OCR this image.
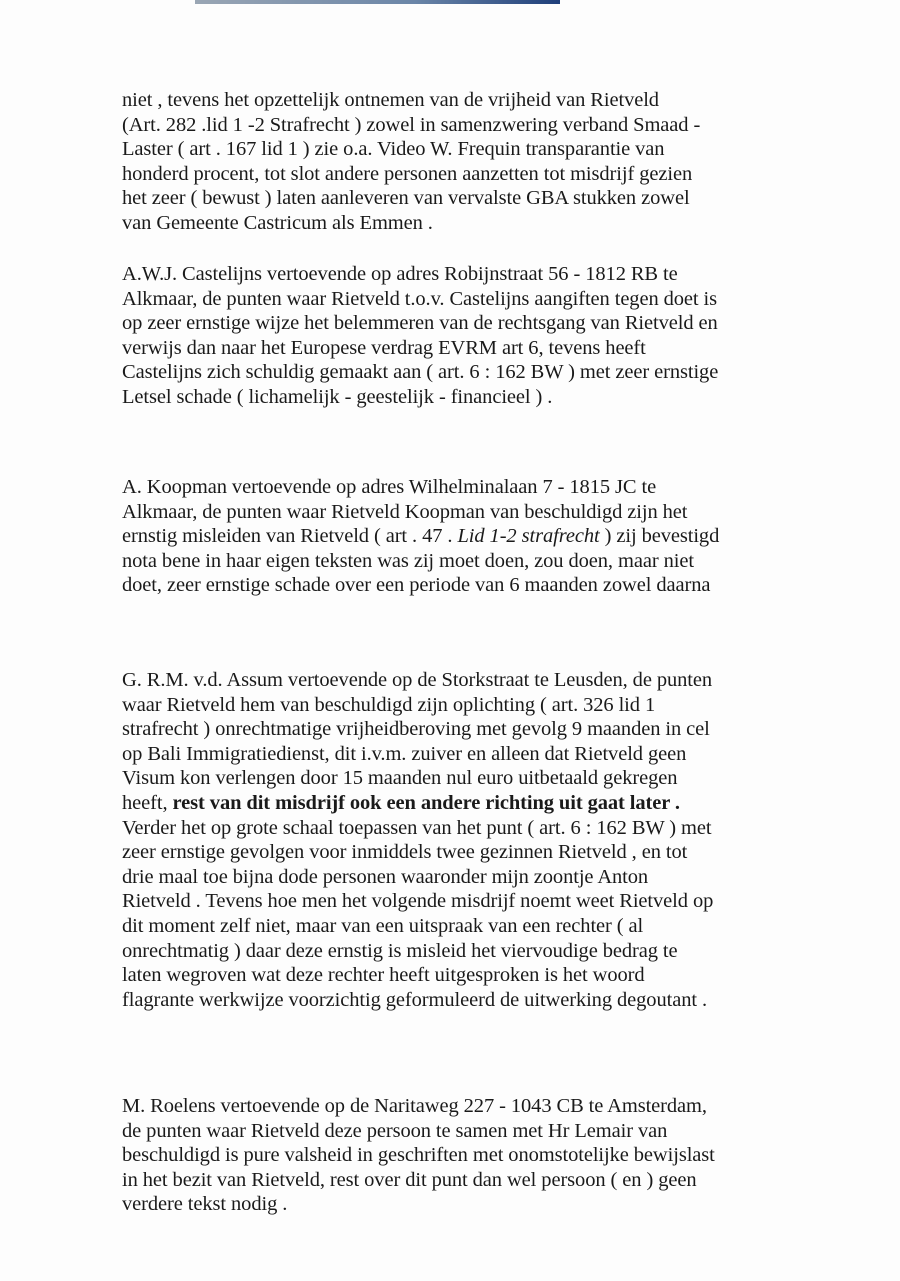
niet , tevens het opzettelijk ontnemen van de vrijheid van Rietveld
(Art. 282 .lid 1 -2 Strafrecht ) zowel in samenzwering verband Smaad -
Laster ( art . 167 lid 1 ) zie o.a. Video W. Frequin transparantie van
honderd procent, tot slot andere personen aanzetten tot misdrijf gezien
het zeer ( bewust ) laten aanleveren van vervalste GBA stukken zowel
van Gemeente Castricum als Emmen .
A.W.J. Castelijns vertoevende op adres Robijnstraat 56 - 1812 RB te
Alkmaar, de punten waar Rietveld t.o.v. Castelijns aangiften tegen doet is
op zeer ernstige wijze het belemmeren van de rechtsgang van Rietveld en
verwijs dan naar het Europese verdrag EVRM art 6, tevens heeft
Castelijns zich schuldig gemaakt aan ( art. 6 : 162 BW ) met zeer ernstige
Letsel schade ( lichamelijk - geestelijk - financieel ) .
A. Koopman vertoevende op adres Wilhelminalaan 7 - 1815 JC te
Alkmaar, de punten waar Rietveld Koopman van beschuldigd zijn het
ernstig misleiden van Rietveld ( art . 47 . Lid 1-2 strafrecht ) zij bevestigd
nota bene in haar eigen teksten was zij moet doen, zou doen, maar niet
doet, zeer ernstige schade over een periode van 6 maanden zowel daarna
G. R.M. v.d. Assum vertoevende op de Storkstraat te Leusden, de punten
waar Rietveld hem van beschuldigd zijn oplichting ( art. 326 lid 1
strafrecht ) onrechtmatige vrijheidberoving met gevolg 9 maanden in cel
op Bali Immigratiedienst, dit i.v.m. zuiver en alleen dat Rietveld geen
Visum kon verlengen door 15 maanden nul euro uitbetaald gekregen
heeft, rest van dit misdrijf ook een andere richting uit gaat later .
Verder het op grote schaal toepassen van het punt ( art. 6 : 162 BW ) met
zeer ernstige gevolgen voor inmiddels twee gezinnen Rietveld , en tot
drie maal toe bijna dode personen waaronder mijn zoontje Anton
Rietveld . Tevens hoe men het volgende misdrijf noemt weet Rietveld op
dit moment zelf niet, maar van een uitspraak van een rechter ( al
onrechtmatig ) daar deze ernstig is misleid het viervoudige bedrag te
laten wegroven wat deze rechter heeft uitgesproken is het woord
flagrante werkwijze voorzichtig geformuleerd de uitwerking degoutant .
M. Roelens vertoevende op de Naritaweg 227 - 1043 CB te Amsterdam,
de punten waar Rietveld deze persoon te samen met Hr Lemair van
beschuldigd is pure valsheid in geschriften met onomstotelijke bewijslast
in het bezit van Rietveld, rest over dit punt dan wel persoon ( en ) geen
verdere tekst nodig .
